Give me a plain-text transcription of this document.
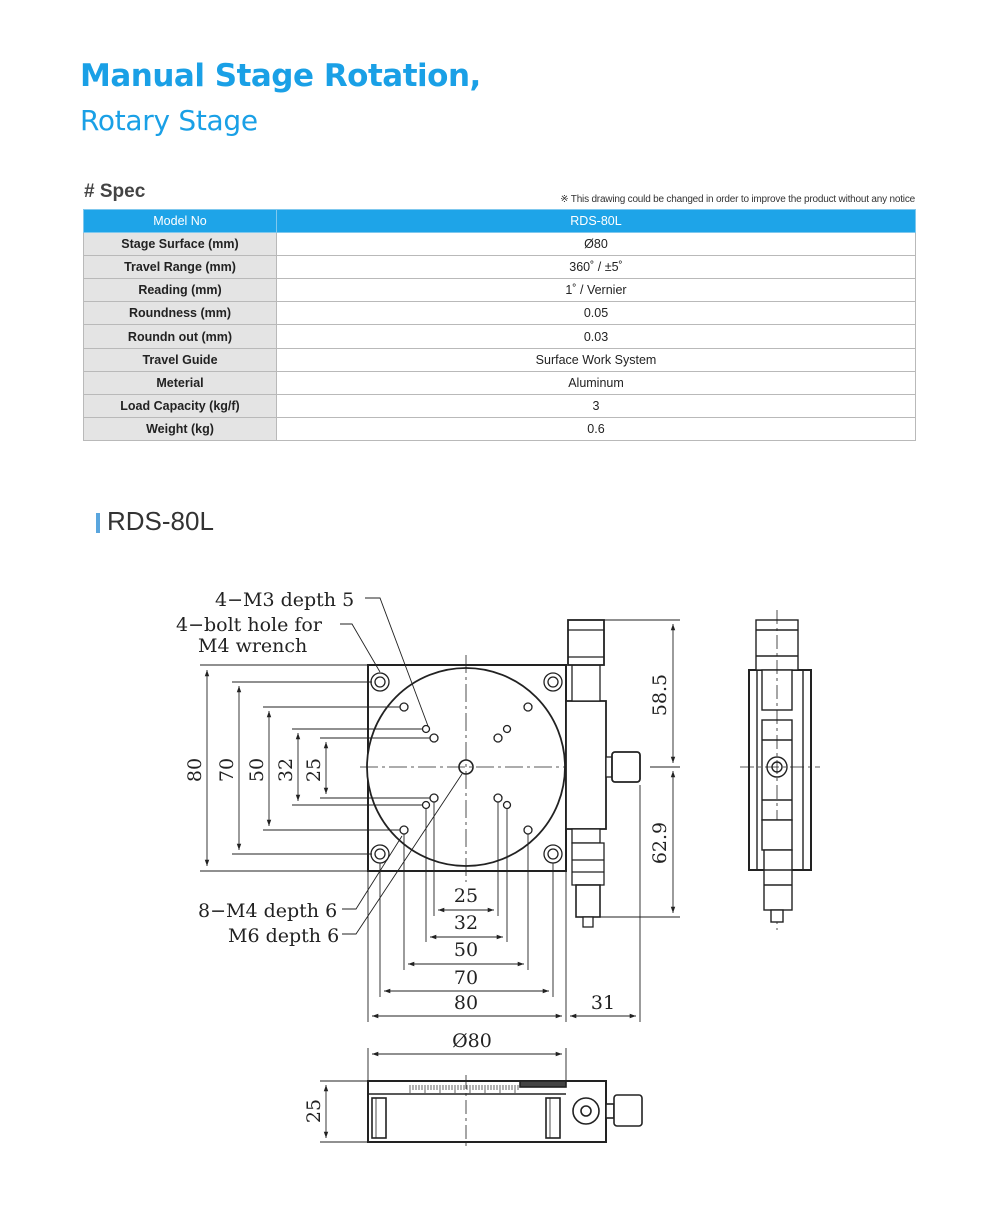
Manual Stage Rotation,
Rotary Stage
# Spec	※ This drawing could be changed in order to improve the product without any notice
Model No	RDS-80L
Stage Surface (mm)	Ø80
Travel Range (mm)	360˚ / ±5˚
Reading (mm)	1˚ / Vernier
Roundness (mm)	0.05
Roundn out (mm)	0.03
Travel Guide	Surface Work System
Meterial	Aluminum
Load Capacity (kg/f)	3
Weight (kg)	0.6
RDS-80L
4−M3 depth 5
4−bolt hole for
M4 wrench
8−M4 depth 6
M6 depth 6
80 70 50 32 25
25
32
50
70
80	31
58.5
62.9
Ø80
25
